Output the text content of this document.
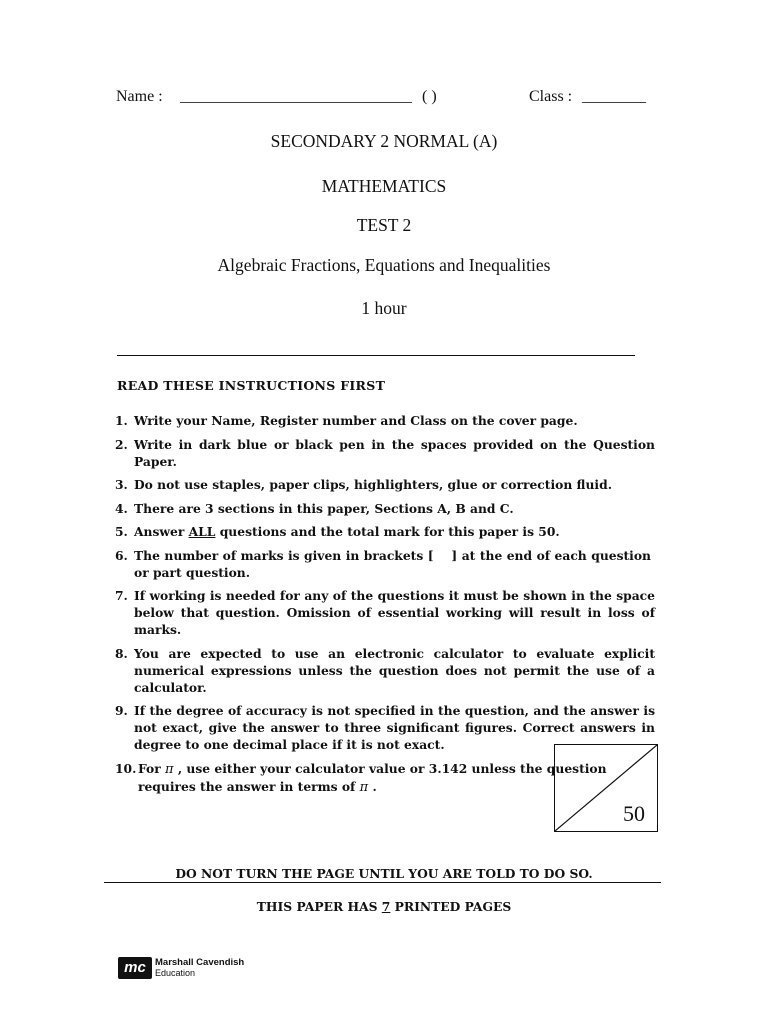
Name : _____________________________ ( )	Class : ________
SECONDARY 2 NORMAL (A)
MATHEMATICS
TEST 2
Algebraic Fractions, Equations and Inequalities
1 hour
READ THESE INSTRUCTIONS FIRST
1. Write your Name, Register number and Class on the cover page.
2. Write in dark blue or black pen in the spaces provided on the Question Paper.
3. Do not use staples, paper clips, highlighters, glue or correction fluid.
4. There are 3 sections in this paper, Sections A, B and C.
5. Answer ALL questions and the total mark for this paper is 50.
6. The number of marks is given in brackets [    ] at the end of each question or part question.
7. If working is needed for any of the questions it must be shown in the space below that question. Omission of essential working will result in loss of marks.
8. You are expected to use an electronic calculator to evaluate explicit numerical expressions unless the question does not permit the use of a calculator.
9. If the degree of accuracy is not specified in the question, and the answer is not exact, give the answer to three significant figures. Correct answers in degree to one decimal place if it is not exact.
10. For π , use either your calculator value or 3.142 unless the question requires the answer in terms of π .
50
DO NOT TURN THE PAGE UNTIL YOU ARE TOLD TO DO SO.
THIS PAPER HAS 7 PRINTED PAGES
mc Marshall Cavendish
Education
